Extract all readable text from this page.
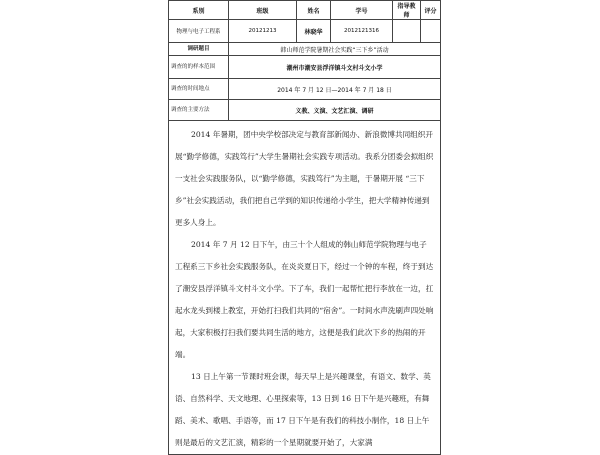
系别	班级	姓名	学号	指导教师	评分
物理与电子工程系	20121213	林晓华	2012121316		
调研题目	韩山师范学院暑期社会实践“三下乡”活动				
调查的的样本范围	潮州市潮安县浮洋镇斗文村斗文小学				
调查的时间地点	2014 年 7 月 12 日—2014 年 7 月 18 日				
调查的主要方法	义教、义演、文艺汇演、调研				

2014 年暑期，团中央学校部决定与教育部新闻办、新浪微博共同组织开展“勤学修德，实践笃行”大学生暑期社会实践专项活动。我系分团委会拟组织一支社会实践服务队，以“勤学修德，实践笃行”为主题，于暑期开展 “三下乡”社会实践活动，我们把自己学到的知识传递给小学生，把大学精神传递到更多人身上。

2014 年 7 月 12 日下午，由三十个人组成的韩山师范学院物理与电子工程系三下乡社会实践服务队，在炎炎夏日下，经过一个钟的车程，终于到达了潮安县浮洋镇斗文村斗文小学。下了车，我们一起帮忙把行李放在一边，扛起水龙头到楼上教室，开始打扫我们共同的“宿舍”。一时间水声洗刷声四处响起，大家积极打扫我们要共同生活的地方，这便是我们此次下乡的热闹的开端。

13 日上午第一节课时班会课，每天早上是兴趣课堂，有语文、数学、英语、自然科学、天文地理、心里探索等，13 日到 16 日下午是兴趣班，有舞蹈、美术、歌唱、手语等，而 17 日下午是有我们的科技小制作，18 日上午则是最后的文艺汇演，精彩的一个星期就要开始了，大家满					
